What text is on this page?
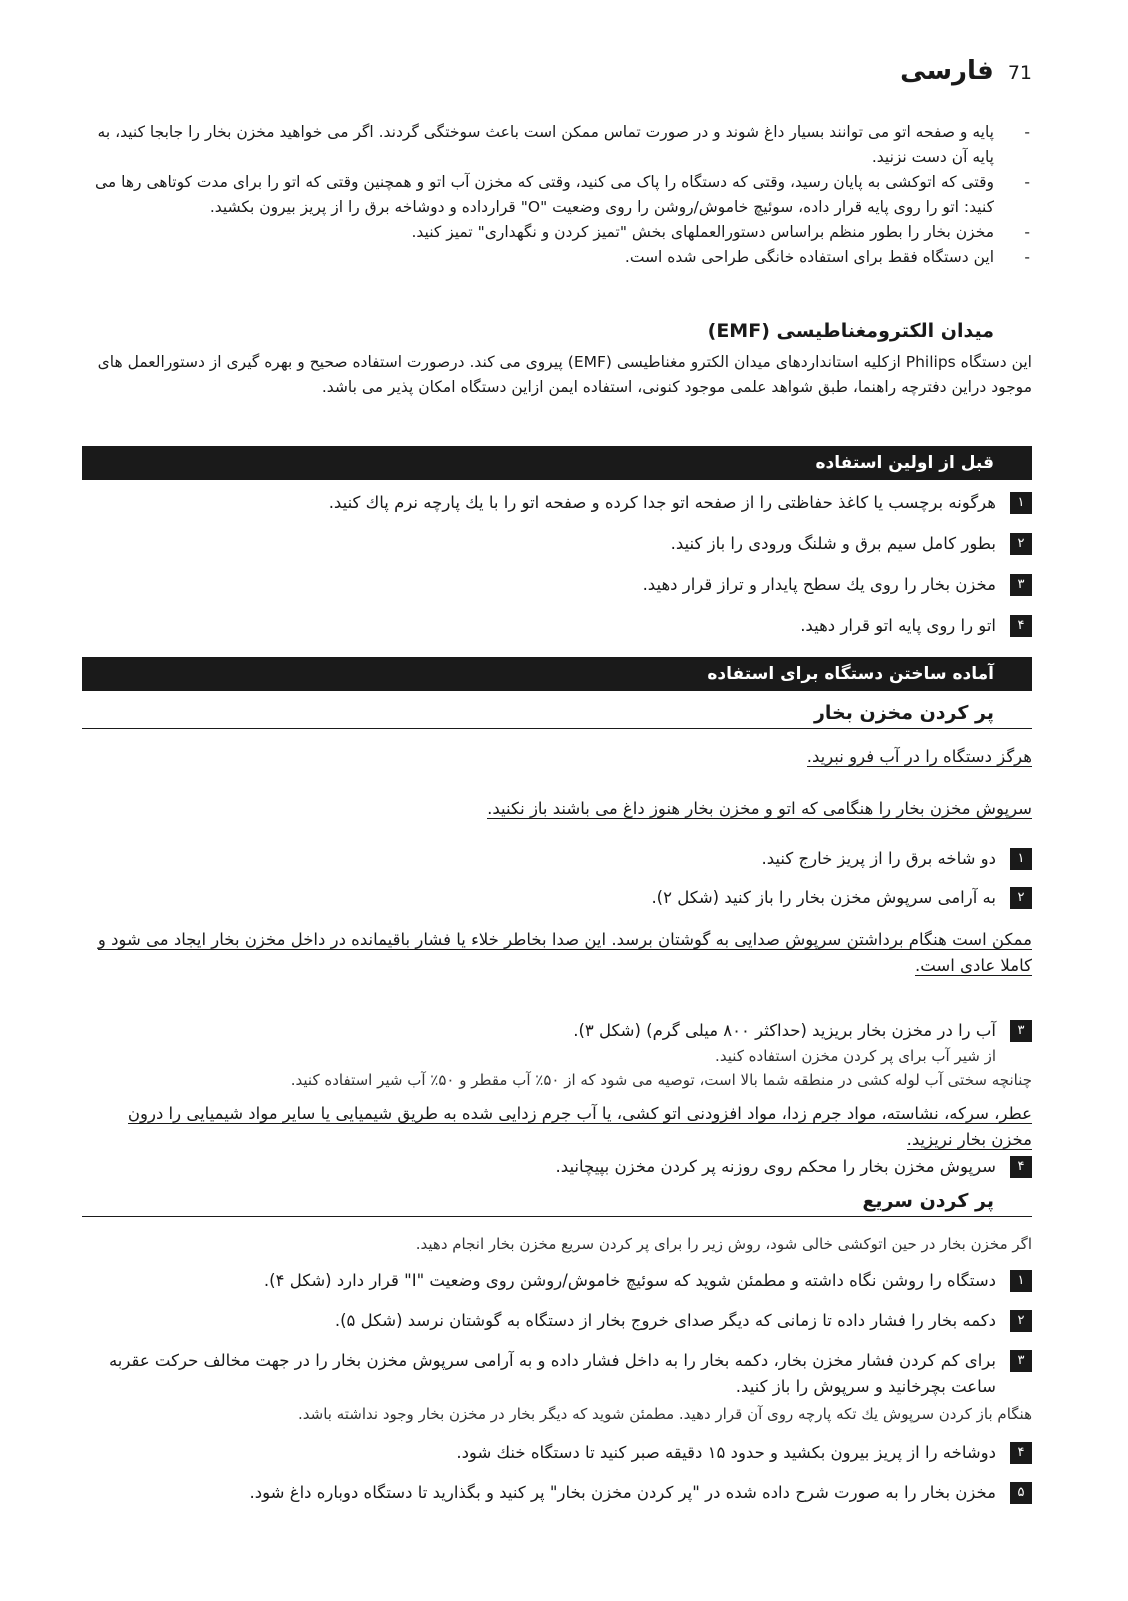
71
فارسی
- پایه و صفحه اتو می توانند بسیار داغ شوند و در صورت تماس ممکن است باعث سوختگی گردند. اگر می خواهید مخزن بخار را جابجا کنید، به پایه آن دست نزنید.
- وقتی که اتوکشی به پایان رسید، وقتی که دستگاه را پاک می کنید، وقتی که مخزن آب اتو و همچنین وقتی که اتو را برای مدت کوتاهی رها می کنید: اتو را روی پایه قرار داده، سوئیچ خاموش/روشن را روی وضعیت "O" قرارداده و دوشاخه برق را از پریز بیرون بکشید.
- مخزن بخار را بطور منظم براساس دستورالعملهای بخش "تمیز کردن و نگهداری" تمیز کنید.
- این دستگاه فقط برای استفاده خانگی طراحی شده است.
میدان الکترومغناطیسی (EMF)
این دستگاه Philips ازکلیه استانداردهای میدان الکترو مغناطیسی (EMF) پیروی می کند. درصورت استفاده صحیح و بهره گیری از دستورالعمل های موجود دراین دفترچه راهنما، طبق شواهد علمی موجود کنونی، استفاده ایمن ازاین دستگاه امکان پذیر می باشد.
قبل از اولین استفاده
۱
هرگونه برچسب یا کاغذ حفاظتی را از صفحه اتو جدا کرده و صفحه اتو را با یك پارچه نرم پاك کنید.
۲
بطور کامل سیم برق و شلنگ ورودی را باز کنید.
۳
مخزن بخار را روی یك سطح پایدار و تراز قرار دهید.
۴
اتو را روی پایه اتو قرار دهید.
آماده ساختن دستگاه برای استفاده
پر کردن مخزن بخار
هرگز دستگاه را در آب فرو نبرید.
سرپوش مخزن بخار را هنگامی که اتو و مخزن بخار هنوز داغ می باشند باز نکنید.
۱
دو شاخه برق را از پریز خارج کنید.
۲
به آرامی سرپوش مخزن بخار را باز کنید (شکل ۲).
ممکن است هنگام برداشتن سرپوش صدایی به گوشتان برسد. این صدا بخاطر خلاء یا فشار باقیمانده در داخل مخزن بخار ایجاد می شود و کاملا عادی است.
۳
آب را در مخزن بخار بریزید (حداکثر ۸۰۰ میلی گرم) (شکل ۳).
از شیر آب برای پر کردن مخزن استفاده کنید.
چنانچه سختی آب لوله کشی در منطقه شما بالا است، توصیه می شود که از ۵۰٪ آب مقطر و ۵۰٪ آب شیر استفاده کنید.
عطر، سرکه، نشاسته، مواد جرم زدا، مواد افزودنی اتو کشی، یا آب جرم زدایی شده به طریق شیمیایی یا سایر مواد شیمیایی را درون مخزن بخار نریزید.
۴
سرپوش مخزن بخار را محکم روی روزنه پر کردن مخزن بپیچانید.
پر کردن سریع
اگر مخزن بخار در حین اتوکشی خالی شود، روش زیر را برای پر کردن سریع مخزن بخار انجام دهید.
۱
دستگاه را روشن نگاه داشته و مطمئن شوید که سوئیچ خاموش/روشن روی وضعیت "I" قرار دارد (شکل ۴).
۲
دکمه بخار را فشار داده تا زمانی که دیگر صدای خروج بخار از دستگاه به گوشتان نرسد (شکل ۵).
۳
برای کم کردن فشار مخزن بخار، دکمه بخار را به داخل فشار داده و به آرامی سرپوش مخزن بخار را در جهت مخالف حرکت عقربه ساعت بچرخانید و سرپوش را باز کنید.
هنگام باز کردن سرپوش یك تکه پارچه روی آن قرار دهید. مطمئن شوید که دیگر بخار در مخزن بخار وجود نداشته باشد.
۴
دوشاخه را از پریز بیرون بکشید و حدود ۱۵ دقیقه صبر کنید تا دستگاه خنك شود.
۵
مخزن بخار را به صورت شرح داده شده در "پر کردن مخزن بخار" پر کنید و بگذارید تا دستگاه دوباره داغ شود.
